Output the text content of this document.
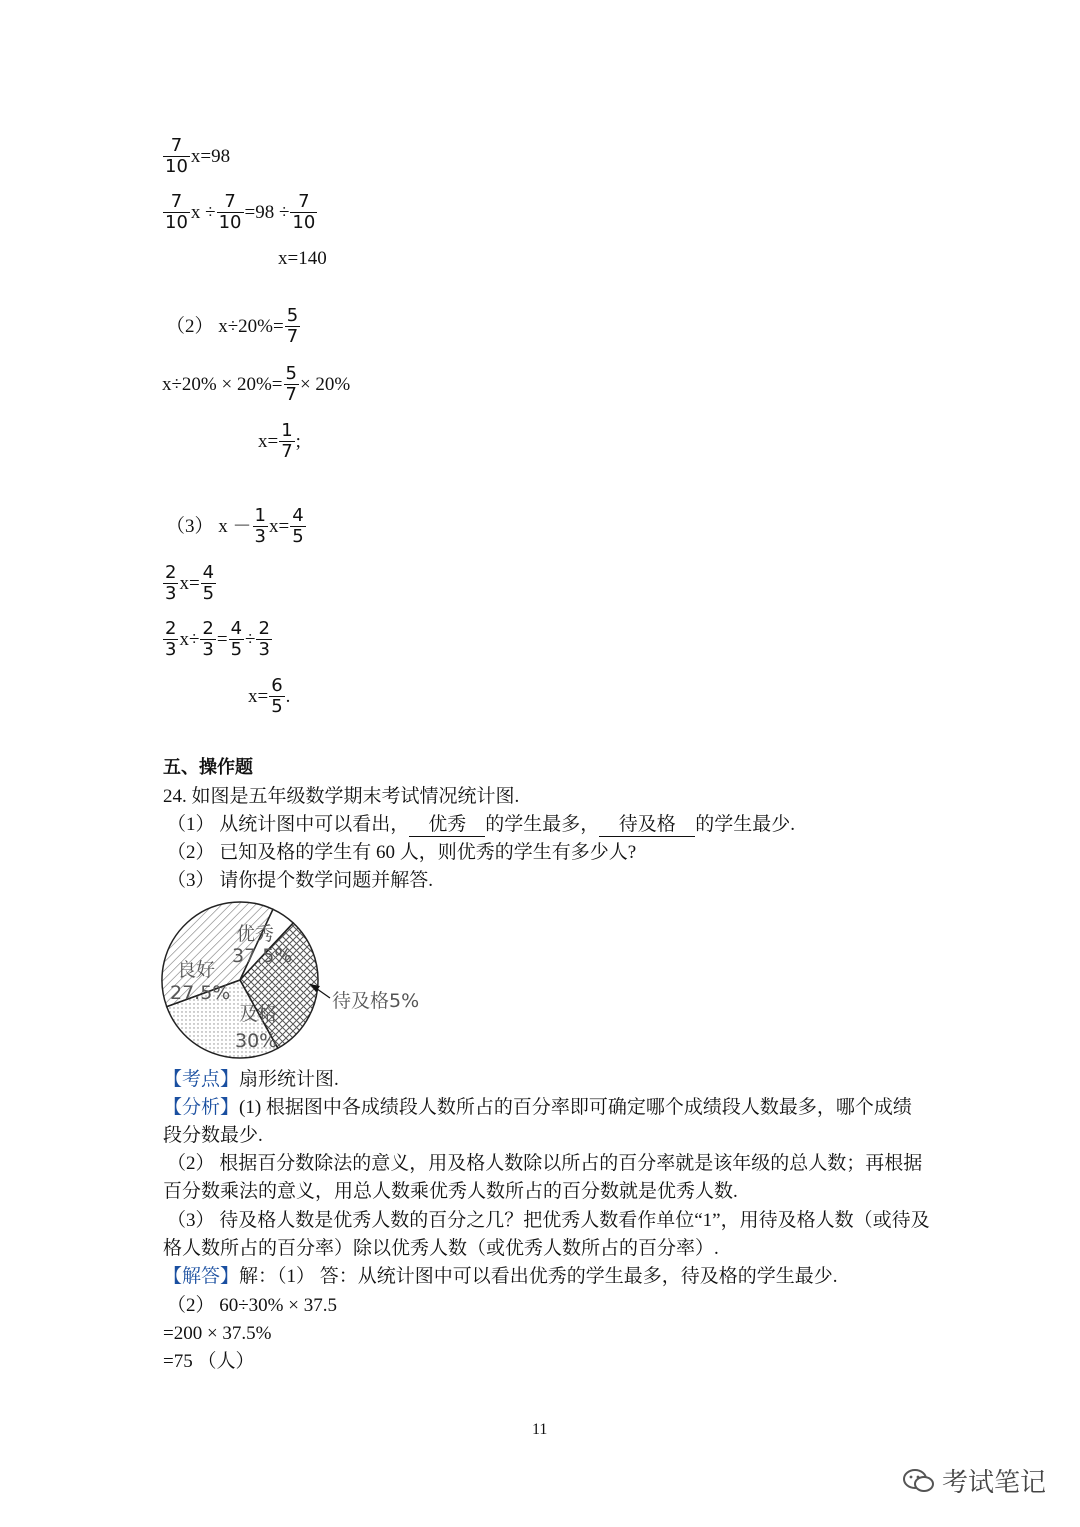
$\frac{7}{10} x=98$
$\frac{7}{10}$ $x \div \frac{7}{10} =98 \div \frac{7}{10}$
x=140
（2） $x\div 20\%= \frac{5}{7}$
$x\div 20\% \times 20\%= \frac{5}{7} \times 20\%$
$x= \frac{1}{7}$ ;
（3） $x - \frac{1}{3} x= \frac{4}{5}$
$\frac{2}{3} x= \frac{4}{5}$
$\frac{2}{3} x\div \frac{2}{3} = \frac{4}{5} \div \frac{2}{3}$
$x= \frac{6}{5}$ .
五、操作题
24. 如图是五年级数学期末考试情况统计图.
（1） 从统计图中可以看出， 优秀 的学生最多， 待及格 的学生最少.
（2） 已知及格的学生有 60 人，则优秀的学生有多少人?
（3） 请你提个数学问题并解答.
优秀
37.5%
良好
27.5%
及格
30%
待及格5%
【考点】扇形统计图.
【分析】(1) 根据图中各成绩段人数所占的百分率即可确定哪个成绩段人数最多，哪个成绩
段分数最少.
（2） 根据百分数除法的意义，用及格人数除以所占的百分率就是该年级的总人数；再根据
百分数乘法的意义，用总人数乘优秀人数所占的百分数就是优秀人数.
（3） 待及格人数是优秀人数的百分之几？把优秀人数看作单位“1”，用待及格人数（或待及
格人数所占的百分率）除以优秀人数（或优秀人数所占的百分率）.
【解答】解：（1） 答：从统计图中可以看出优秀的学生最多，待及格的学生最少.
（2） 60÷30% × 37.5
=200 × 37.5%
=75 （人）
11
考试笔记
